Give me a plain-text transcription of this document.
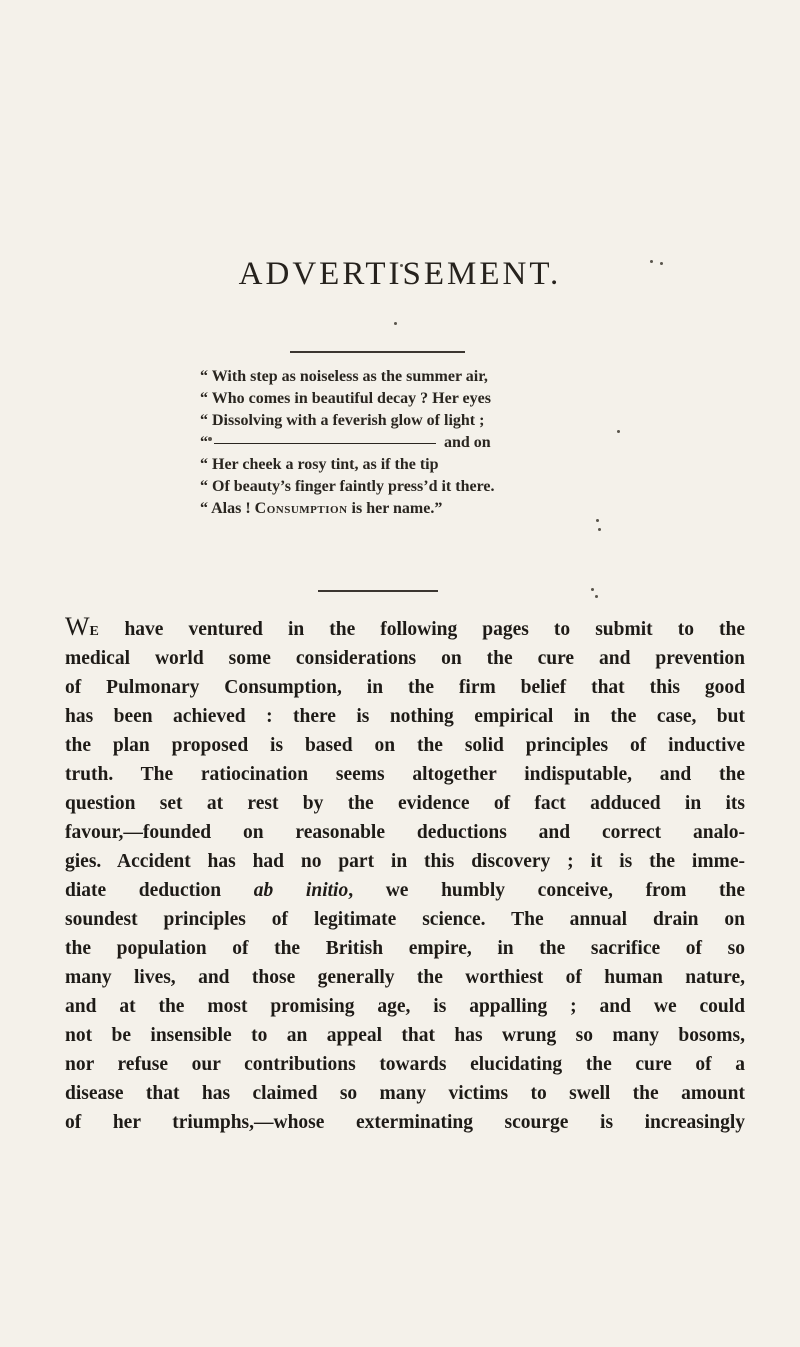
ADVERTISEMENT.
“ With step as noiseless as the summer air,
“ Who comes in beautiful decay ? Her eyes
“ Dissolving with a feverish glow of light ;
“	and on
“ Her cheek a rosy tint, as if the tip
“ Of beauty’s finger faintly press’d it there.
“ Alas ! Consumption is her name.”
We have ventured in the following pages to submit to the
medical world some considerations on the cure and prevention
of Pulmonary Consumption, in the firm belief that this good
has been achieved : there is nothing empirical in the case, but
the plan proposed is based on the solid principles of inductive
truth. The ratiocination seems altogether indisputable, and the
question set at rest by the evidence of fact adduced in its
favour,—founded on reasonable deductions and correct analo-
gies. Accident has had no part in this discovery ; it is the imme-
diate deduction ab initio, we humbly conceive, from the
soundest principles of legitimate science. The annual drain on
the population of the British empire, in the sacrifice of so
many lives, and those generally the worthiest of human nature,
and at the most promising age, is appalling ; and we could
not be insensible to an appeal that has wrung so many bosoms,
nor refuse our contributions towards elucidating the cure of a
disease that has claimed so many victims to swell the amount
of her triumphs,—whose exterminating scourge is increasingly
